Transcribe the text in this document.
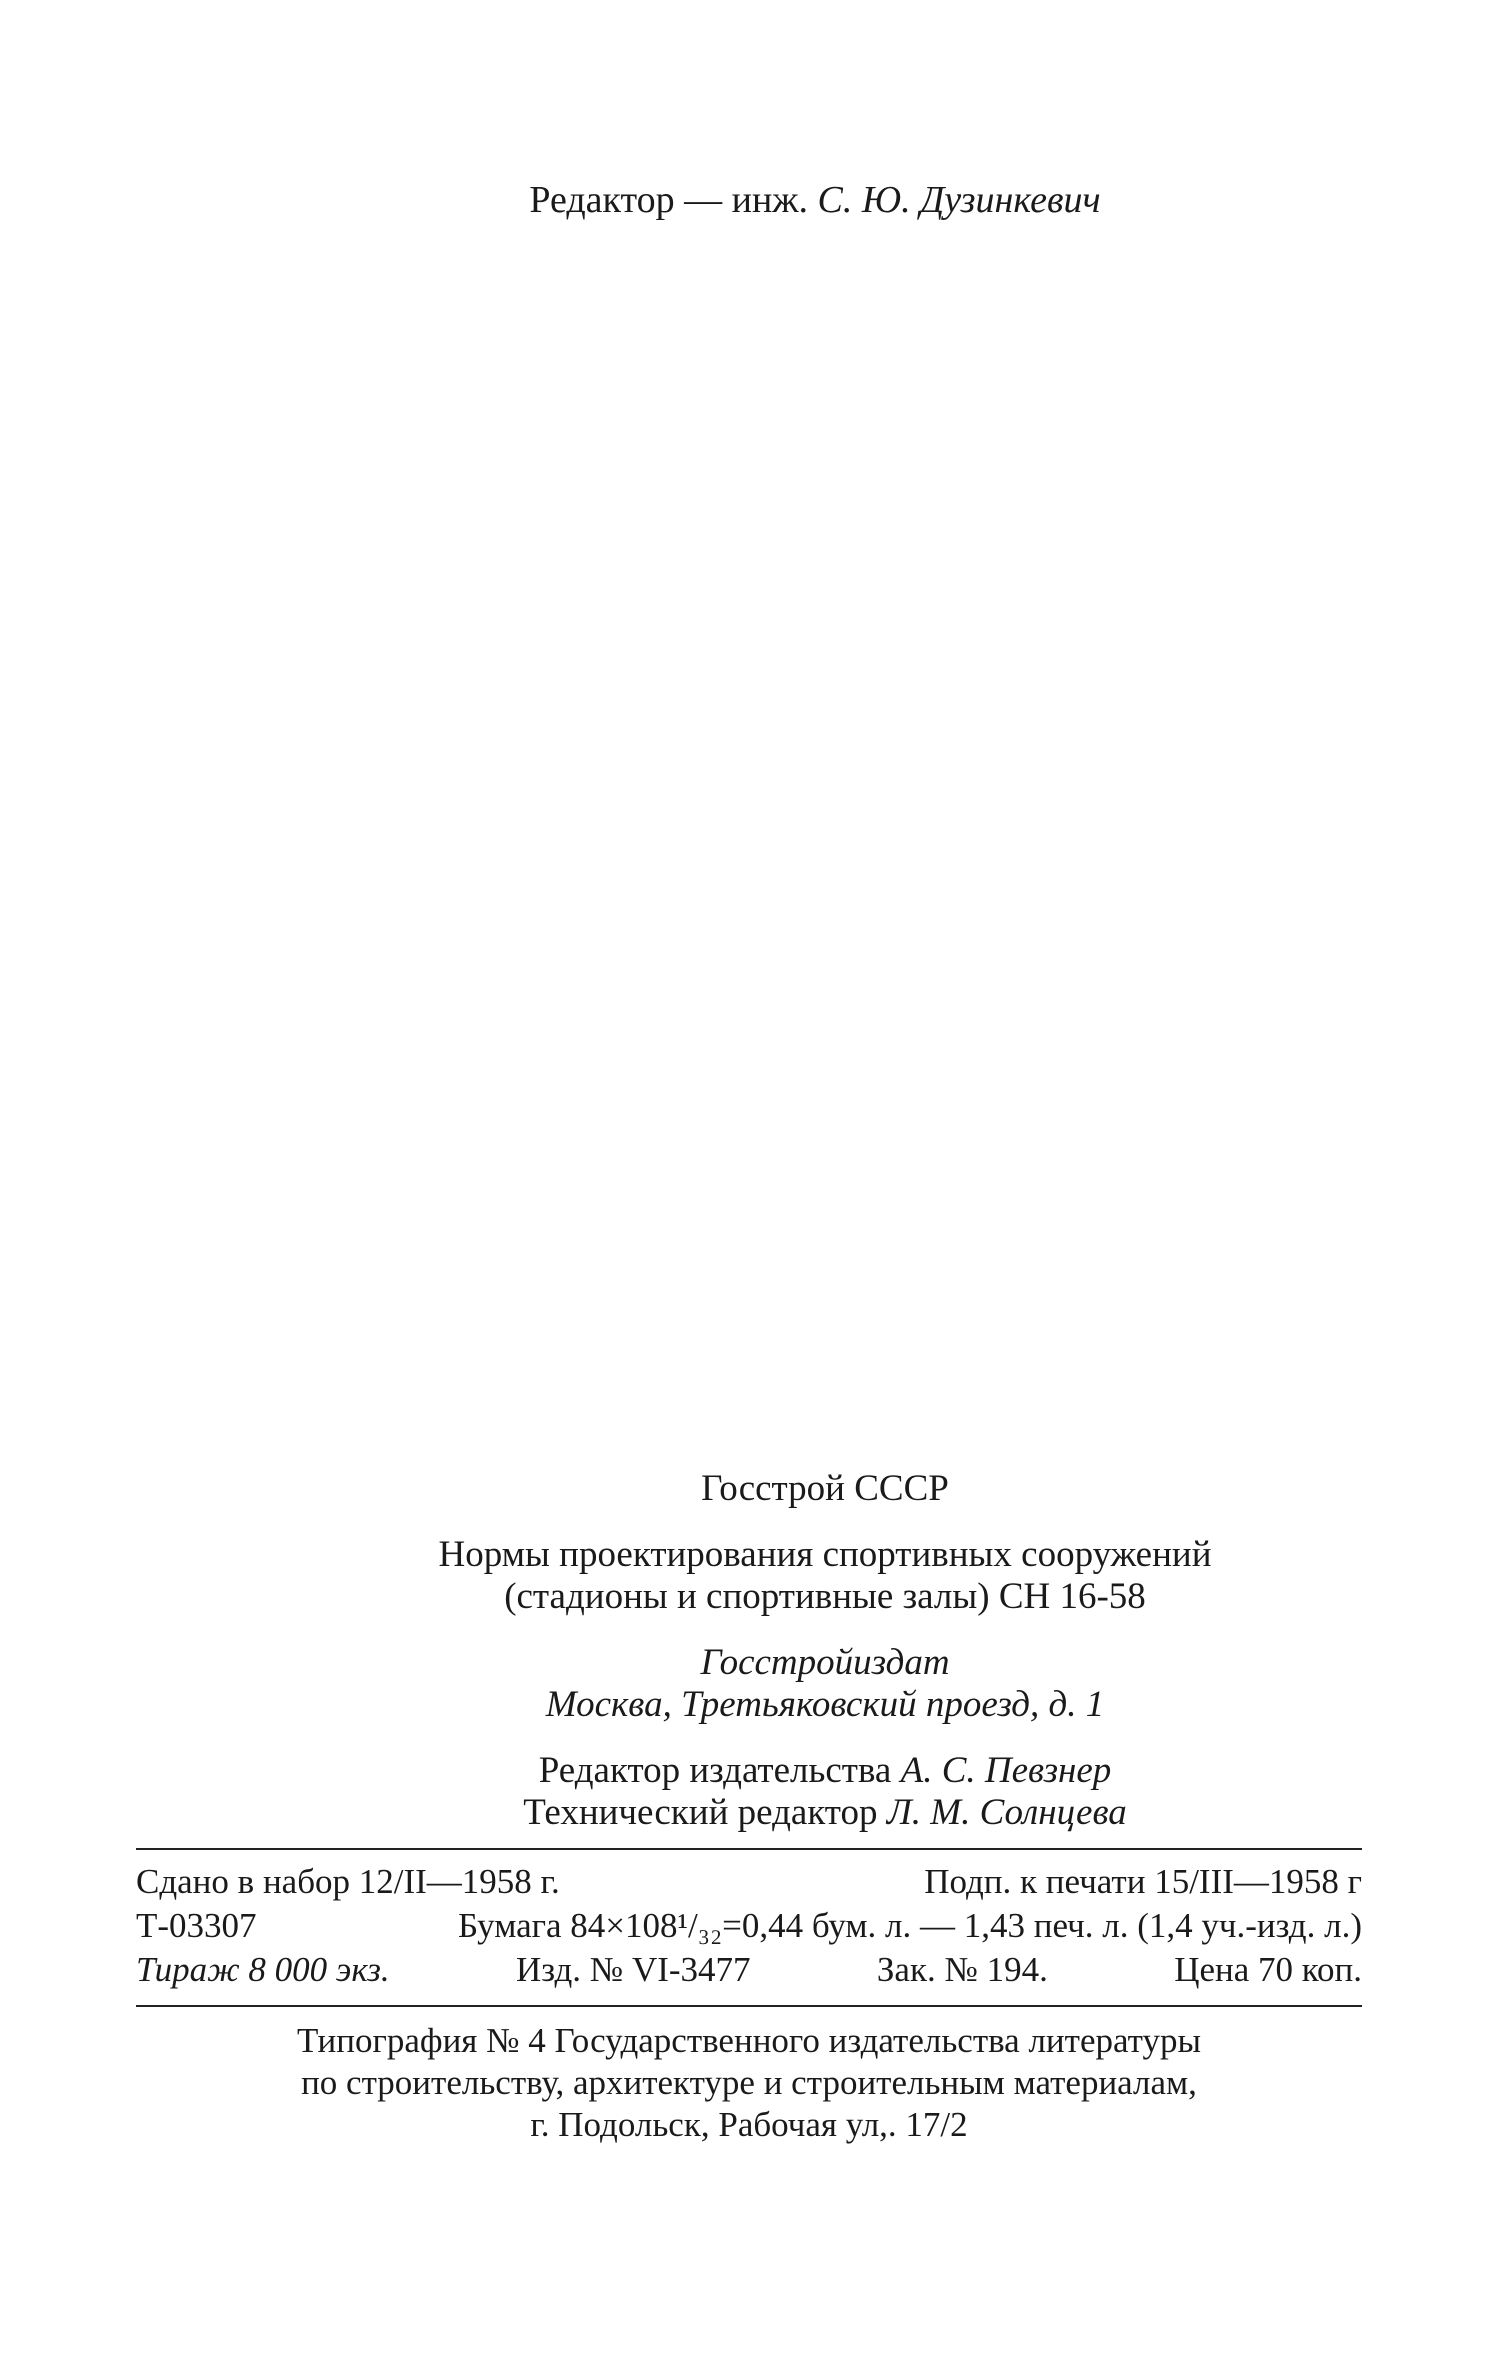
Редактор — инж. С. Ю. Дузинкевич
Госстрой СССР
Нормы проектирования спортивных сооружений
(стадионы и спортивные залы) СН 16-58
Госстройиздат
Москва, Третьяковский проезд, д. 1
Редактор издательства А. С. Певзнер
Технический редактор Л. М. Солнцева
Сдано в набор 12/II—1958 г.	Подп. к печати 15/III—1958 г
Т-03307	Бумага 84×108¹/₃₂=0,44 бум. л. — 1,43 печ. л. (1,4 уч.-изд. л.)
Тираж 8 000 экз.	Изд. № VI-3477	Зак. № 194.	Цена 70 коп.
Типография № 4 Государственного издательства литературы
по строительству, архитектуре и строительным материалам,
г. Подольск, Рабочая ул,. 17/2
